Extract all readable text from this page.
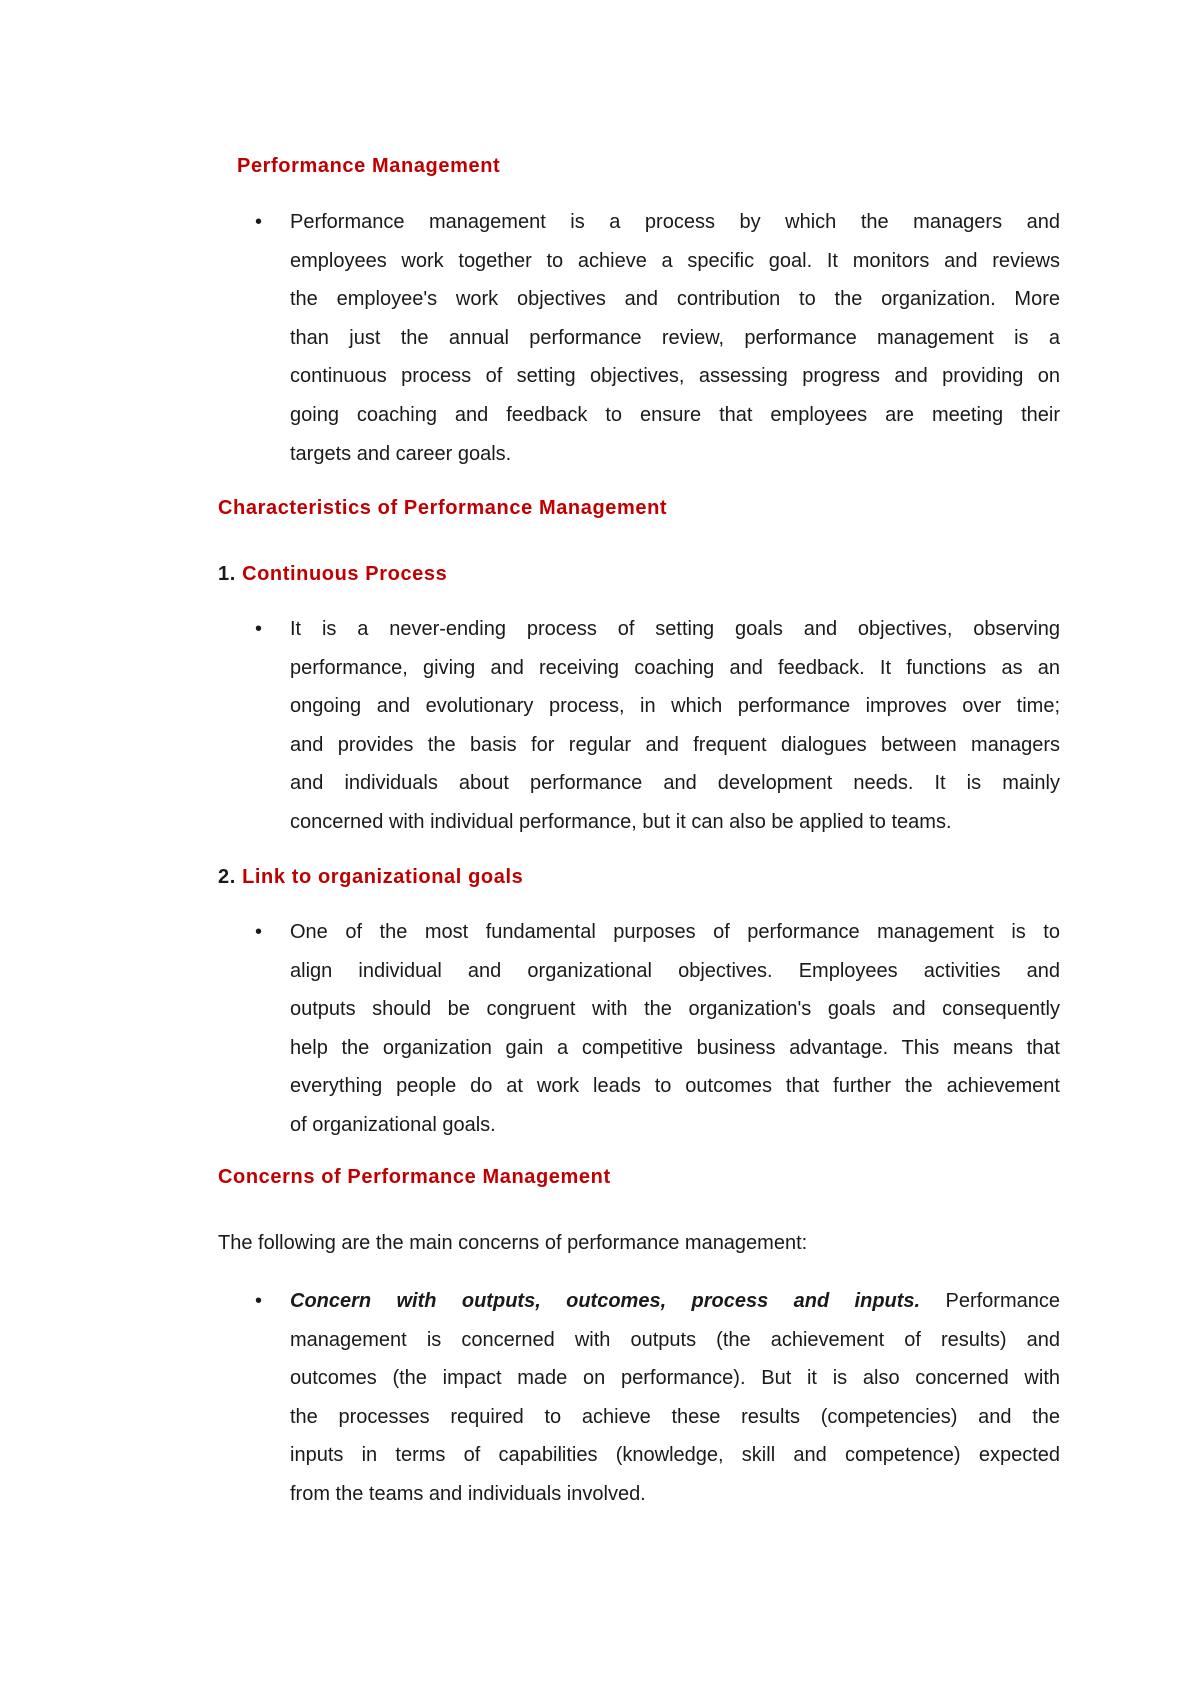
Performance Management
• Performance management is a process by which the managers and
employees work together to achieve a specific goal. It monitors and reviews
the employee's work objectives and contribution to the organization. More
than just the annual performance review, performance management is a
continuous process of setting objectives, assessing progress and providing on
going coaching and feedback to ensure that employees are meeting their
targets and career goals.
Characteristics of Performance Management
1. Continuous Process
• It is a never-ending process of setting goals and objectives, observing
performance, giving and receiving coaching and feedback. It functions as an
ongoing and evolutionary process, in which performance improves over time;
and provides the basis for regular and frequent dialogues between managers
and individuals about performance and development needs. It is mainly
concerned with individual performance, but it can also be applied to teams.
2. Link to organizational goals
• One of the most fundamental purposes of performance management is to
align individual and organizational objectives. Employees activities and
outputs should be congruent with the organization's goals and consequently
help the organization gain a competitive business advantage. This means that
everything people do at work leads to outcomes that further the achievement
of organizational goals.
Concerns of Performance Management
The following are the main concerns of performance management:
• Concern with outputs, outcomes, process and inputs. Performance
management is concerned with outputs (the achievement of results) and
outcomes (the impact made on performance). But it is also concerned with
the processes required to achieve these results (competencies) and the
inputs in terms of capabilities (knowledge, skill and competence) expected
from the teams and individuals involved.
